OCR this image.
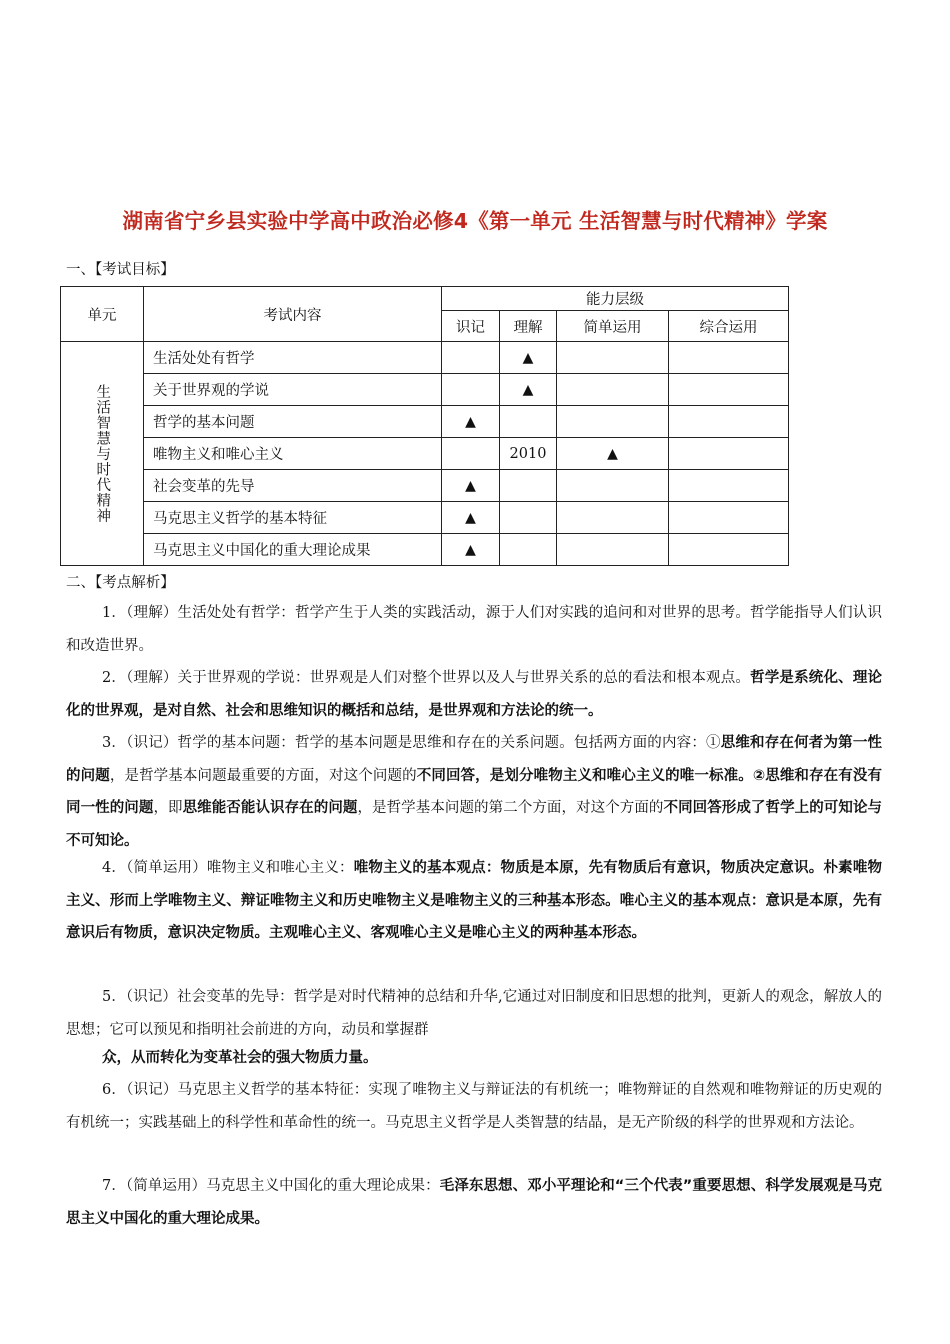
湖南省宁乡县实验中学高中政治必修4《第一单元 生活智慧与时代精神》学案
一、【考试目标】
单元	考试内容	能力层级			
		识记	理解	简单运用	综合运用

生活智慧与时代精神	生活处处有哲学		▲		
	关于世界观的学说		▲		
	哲学的基本问题	▲			
	唯物主义和唯心主义		2010	▲	
	社会变革的先导	▲			
	马克思主义哲学的基本特征	▲			
	马克思主义中国化的重大理论成果	▲			
二、【考点解析】
1．（理解）生活处处有哲学：哲学产生于人类的实践活动，源于人们对实践的追问和对世界的思考。哲学能指导人们认识和改造世界。
2．（理解）关于世界观的学说：世界观是人们对整个世界以及人与世界关系的总的看法和根本观点。哲学是系统化、理论化的世界观，是对自然、社会和思维知识的概括和总结，是世界观和方法论的统一。
3．（识记）哲学的基本问题：哲学的基本问题是思维和存在的关系问题。包括两方面的内容：①思维和存在何者为第一性的问题，是哲学基本问题最重要的方面，对这个问题的不同回答，是划分唯物主义和唯心主义的唯一标准。②思维和存在有没有同一性的问题，即思维能否能认识存在的问题，是哲学基本问题的第二个方面，对这个方面的不同回答形成了哲学上的可知论与不可知论。
4．（简单运用）唯物主义和唯心主义：唯物主义的基本观点：物质是本原，先有物质后有意识，物质决定意识。朴素唯物主义、形而上学唯物主义、辩证唯物主义和历史唯物主义是唯物主义的三种基本形态。唯心主义的基本观点：意识是本原，先有意识后有物质，意识决定物质。主观唯心主义、客观唯心主义是唯心主义的两种基本形态。
5．（识记）社会变革的先导：哲学是对时代精神的总结和升华,它通过对旧制度和旧思想的批判，更新人的观念，解放人的思想；它可以预见和指明社会前进的方向，动员和掌握群
众，从而转化为变革社会的强大物质力量。
6．（识记）马克思主义哲学的基本特征：实现了唯物主义与辩证法的有机统一；唯物辩证的自然观和唯物辩证的历史观的有机统一；实践基础上的科学性和革命性的统一。马克思主义哲学是人类智慧的结晶，是无产阶级的科学的世界观和方法论。
7．（简单运用）马克思主义中国化的重大理论成果：毛泽东思想、邓小平理论和“三个代表”重要思想、科学发展观是马克思主义中国化的重大理论成果。
